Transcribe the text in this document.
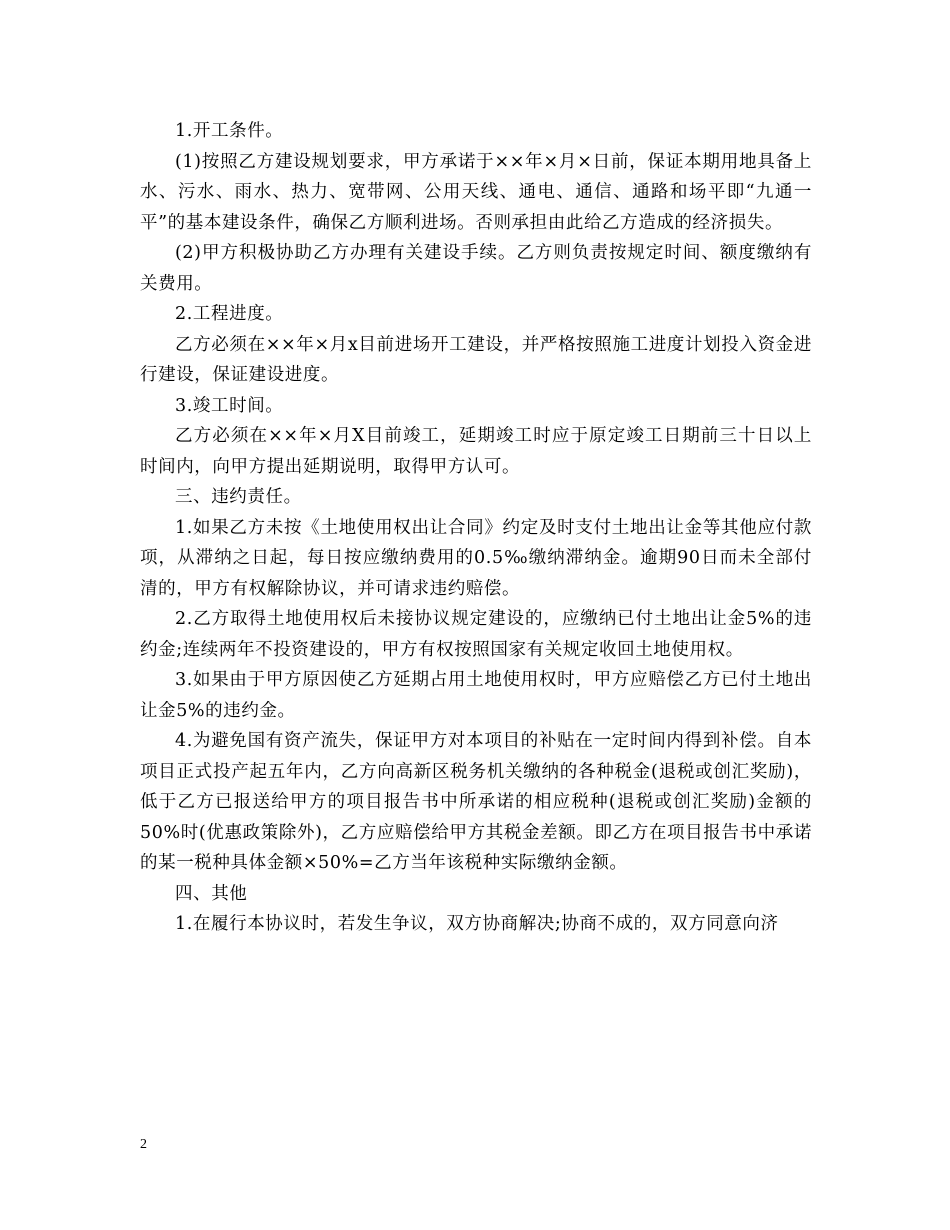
1.开工条件。

(1)按照乙方建设规划要求，甲方承诺于××年×月×日前，保证本期用地具备上水、污水、雨水、热力、宽带网、公用天线、通电、通信、通路和场平即“九通一平”的基本建设条件，确保乙方顺利进场。否则承担由此给乙方造成的经济损失。

(2)甲方积极协助乙方办理有关建设手续。乙方则负责按规定时间、额度缴纳有关费用。

2.工程进度。

乙方必须在××年×月x目前进场开工建设，并严格按照施工进度计划投入资金进行建设，保证建设进度。

3.竣工时间。

乙方必须在××年×月X目前竣工，延期竣工时应于原定竣工日期前三十日以上时间内，向甲方提出延期说明，取得甲方认可。

三、违约责任。

1.如果乙方未按《土地使用权出让合同》约定及时支付土地出让金等其他应付款项，从滞纳之日起，每日按应缴纳费用的0.5‰缴纳滞纳金。逾期90日而未全部付清的，甲方有权解除协议，并可请求违约赔偿。

2.乙方取得土地使用权后未接协议规定建设的，应缴纳已付土地出让金5%的违约金;连续两年不投资建设的，甲方有权按照国家有关规定收回土地使用权。

3.如果由于甲方原因使乙方延期占用土地使用权时，甲方应赔偿乙方已付土地出让金5%的违约金。

4.为避免国有资产流失，保证甲方对本项目的补贴在一定时间内得到补偿。自本项目正式投产起五年内，乙方向高新区税务机关缴纳的各种税金(退税或创汇奖励)，低于乙方已报送给甲方的项目报告书中所承诺的相应税种(退税或创汇奖励)金额的50%时(优惠政策除外)，乙方应赔偿给甲方其税金差额。即乙方在项目报告书中承诺的某一税种具体金额×50%=乙方当年该税种实际缴纳金额。

四、其他

1.在履行本协议时，若发生争议，双方协商解决;协商不成的，双方同意向济

2
